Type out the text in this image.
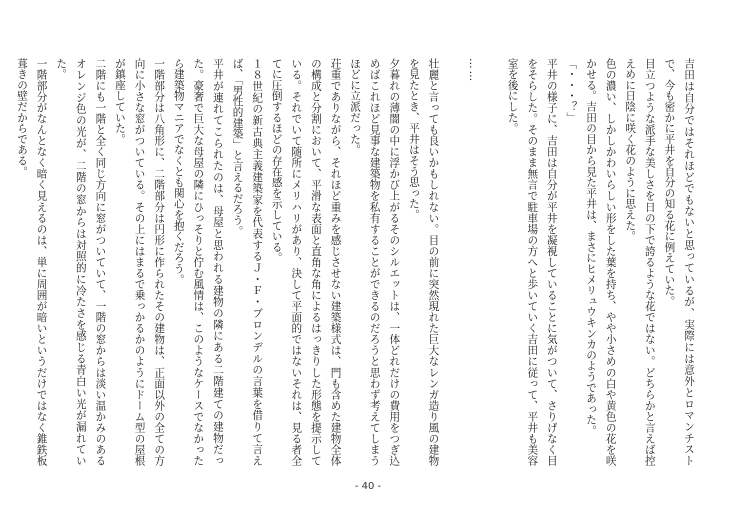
吉田は自分ではそれほどでもないと思っているが、実際には意外とロマンチストで、今も密かに平井を自分の知る花に例えていた。

目立つような派手な美しさを日の下で誇るような花ではない。どちらかと言えば控えめに日陰に咲く花のように思えた。

色の濃い、しかしかわいらしい形をした葉を持ち、やや小さめの白や黄色の花を咲かせる。吉田の目から見た平井は、まさにヒメリュウキンカのようであった。

「・・・？」

平井の様子に、吉田は自分が平井を凝視していることに気がついて、さりげなく目をそらした。そのまま無言で駐車場の方へと歩いていく吉田に従って、平井も美容室を後にした。

……

壮麗と言っても良いかもしれない。目の前に突然現れた巨大なレンガ造り風の建物を見たとき、平井はそう思った。

夕暮れの薄闇の中に浮かび上がるそのシルエットは、一体どれだけの費用をつぎ込めばこれほど見事な建築物を私有することができるのだろうと思わず考えてしまうほどに立派だった。

荘重でありながら、それほど重みを感じさせない建築様式は、門も含めた建物全体の構成と分割において、平滑な表面と直角な角によるはっきりした形態を提示している。それでいて随所にメリハリがあり、決して平面的ではないそれは、見る者全てに圧倒するほどの存在感を示している。

１８世紀の新古典主義建築家を代表するＪ・Ｆ・ブロンデルの言葉を借りて言えば、「男性的建築」と言えるだろう。

平井が連れてこられたのは、母屋と思われる建物の隣にある二階建ての建物だった。豪奢で巨大な母屋の隣にひっそりと佇む風情は、このようなケースでなかったら建築物マニアでなくとも関心を抱くだろう。

一階部分は八角形に、二階部分は円形に作られたその建物は、正面以外の全ての方向に小さな窓がついている。その上にはまるで乗っかるかのようにドーム型の屋根が鎮座していた。

二階にも一階と全く同じ方向に窓がついていて、一階の窓からは淡い温かみのあるオレンジ色の光が、二階の窓からは対照的に冷たさを感じる青白い光が漏れていた。

一階部分がなんとなく暗く見えるのは、単に周囲が暗いというだけではなく錐鉄板葺きの壁だからである。

- 40 -
